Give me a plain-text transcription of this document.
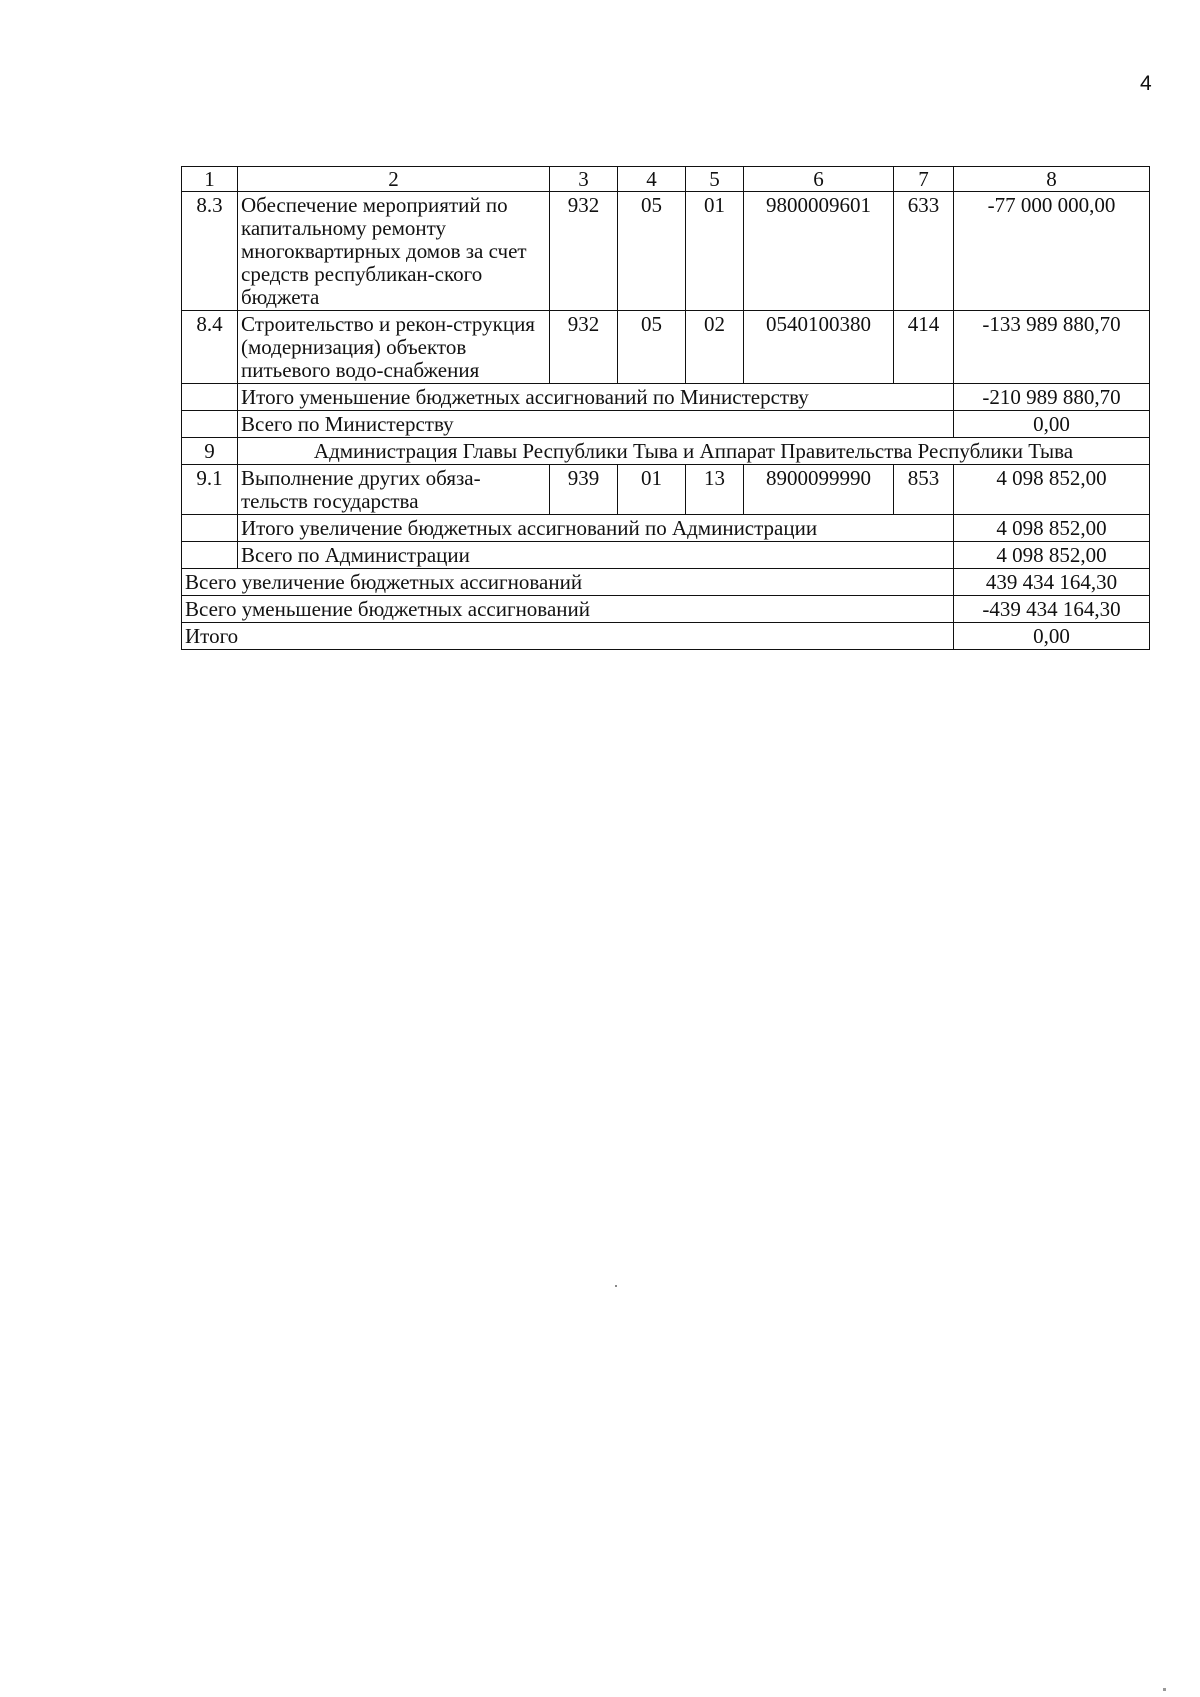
4
1	2	3	4	5	6	7	8
8.3	Обеспечение мероприятий по капитальному ремонту многоквартирных домов за счет средств республикан-ского бюджета	932	05	01	9800009601	633	-77 000 000,00
8.4	Строительство и рекон-струкция (модернизация) объектов питьевого водо-снабжения	932	05	02	0540100380	414	-133 989 880,70
	Итого уменьшение бюджетных ассигнований по Министерству						-210 989 880,70
	Всего по Министерству						0,00
9	Администрация Главы Республики Тыва и Аппарат Правительства Республики Тыва						
9.1	Выполнение других обяза-тельств государства	939	01	13	8900099990	853	4 098 852,00
	Итого увеличение бюджетных ассигнований по Администрации						4 098 852,00
	Всего по Администрации						4 098 852,00
Всего увеличение бюджетных ассигнований							439 434 164,30
Всего уменьшение бюджетных ассигнований							-439 434 164,30
Итого							0,00
